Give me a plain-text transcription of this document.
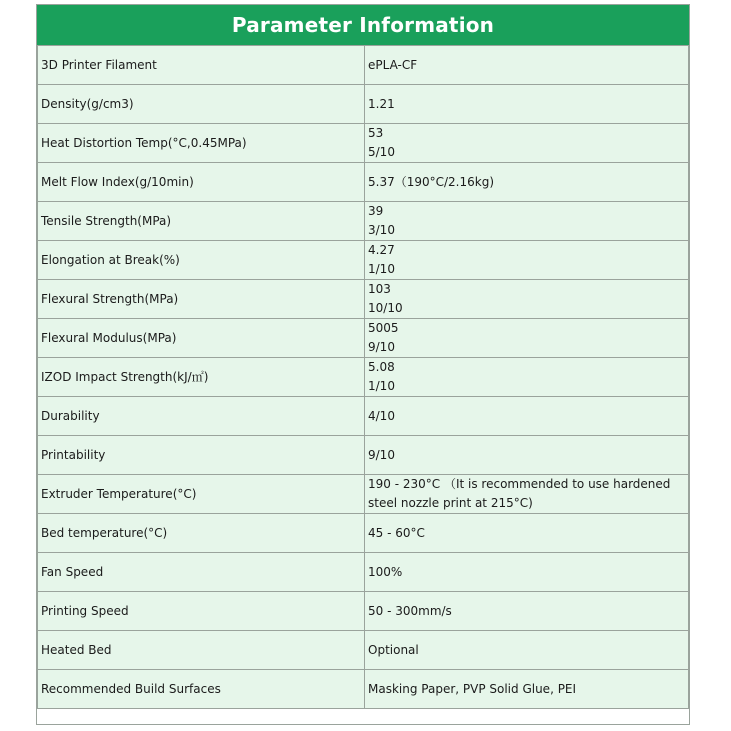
Parameter Information
3D Printer Filament	ePLA-CF

Density(g/cm3)	1.21

Heat Distortion Temp(°C,0.45MPa)	53
5/10

Melt Flow Index(g/10min)	5.37（190°C/2.16kg)

Tensile Strength(MPa)	39
3/10

Elongation at Break(%)	4.27
1/10

Flexural Strength(MPa)	103
10/10

Flexural Modulus(MPa)	5005
9/10

IZOD Impact Strength(kJ/㎡)	5.08
1/10

Durability	4/10

Printability	9/10

Extruder Temperature(°C)	190 - 230°C （It is recommended to use hardened
steel nozzle print at 215°C)

Bed temperature(°C)	45 - 60°C

Fan Speed	100%

Printing Speed	50 - 300mm/s

Heated Bed	Optional

Recommended Build Surfaces	Masking Paper, PVP Solid Glue, PEI
